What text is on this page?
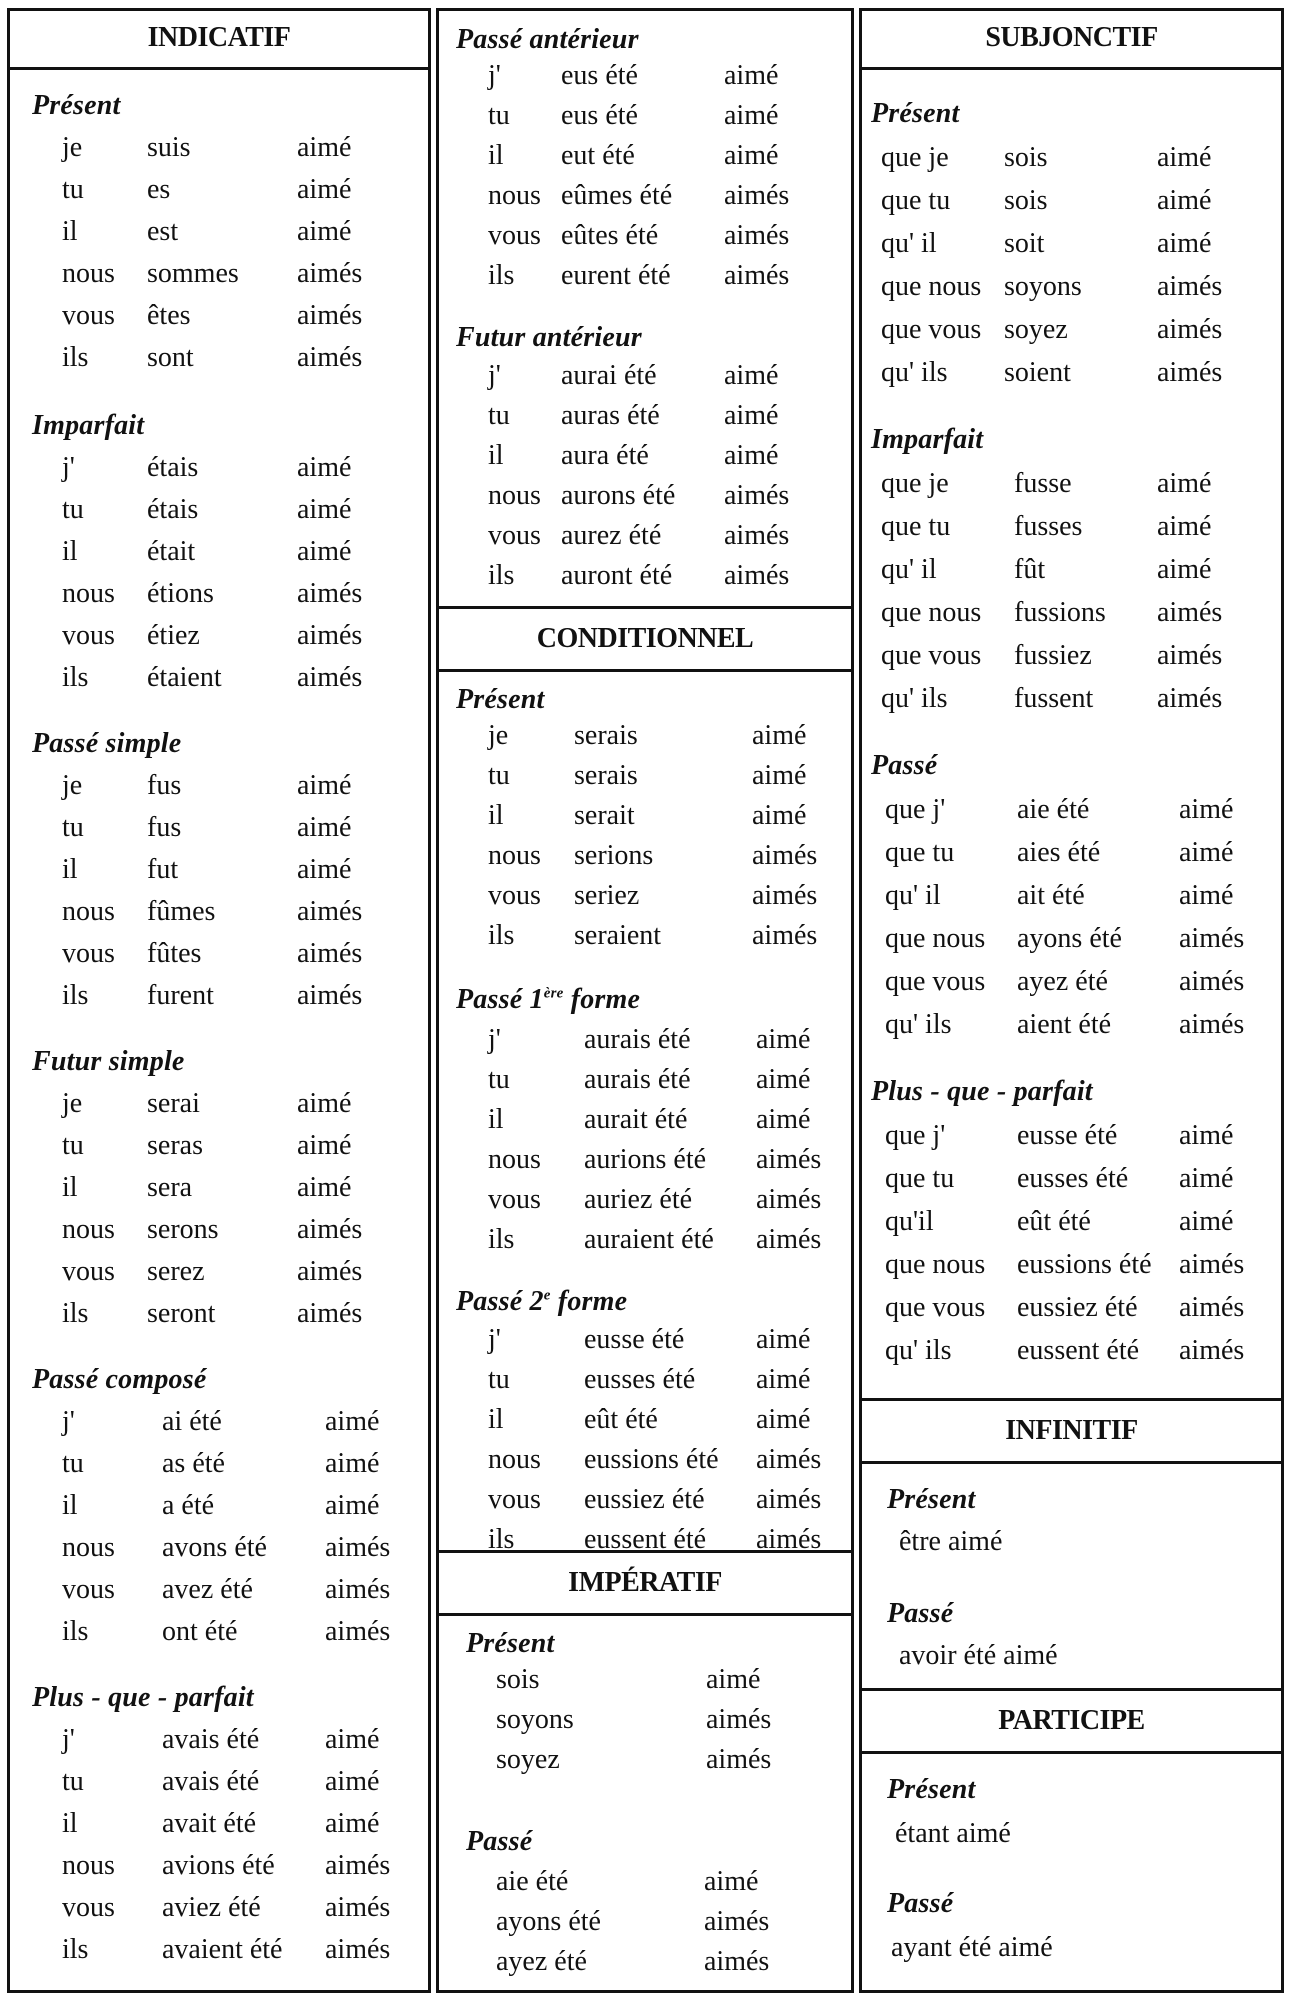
INDICATIF
Présent
je suis	aimé
tu es	aimé
il est	aimé
nous sommes aimés
vous êtes	aimés
ils sont	aimés
Imparfait
j'	étais	aimé
tu étais	aimé
il était	aimé
nous étions	aimés
vous étiez	aimés
ils étaient	aimés
Passé simple
je fus	aimé
tu fus	aimé
il fut	aimé
nous fûmes	aimés
vous fûtes	aimés
ils furent	aimés
Futur simple
je serai	aimé
tu seras	aimé
il sera	aimé
nous serons	aimés
vous serez	aimés
ils seront	aimés
Passé composé
j'	ai été	aimé
tu	as été	aimé
il	a été	aimé
nous avons été aimés
vous avez été	aimés
ils	ont été	aimés
Plus - que - parfait
j'	avais été aimé
tu	avais été aimé
il	avait été aimé
nous avions été aimés
vous aviez été aimés
ils	avaient été aimés
CONDITIONNEL
IMPÉRATIF
Passé antérieur
j' eus été	aimé
tu eus été	aimé
il eut été	aimé
nous eûmes été aimés
vous eûtes été aimés
ils eurent été aimés
Futur antérieur
j' aurai été aimé
tu auras été aimé
il aura été	aimé
nous aurons été aimés
vous aurez été aimés
ils auront été aimés
Présent
je serais	aimé
tu serais	aimé
il	serait	aimé
nous serions	aimés
vous seriez	aimés
ils seraient	aimés
Passé 1ère forme
j'	aurais été aimé
tu	aurais été aimé
il	aurait été aimé
nous aurions été aimés
vous auriez été aimés
ils auraient été aimés
Passé 2e forme
j'	eusse été	aimé
tu	eusses été aimé
il	eût été	aimé
nous eussions été aimés
vous eussiez été aimés
ils eussent été aimés
Présent
sois	aimé
soyons	aimés
soyez	aimés
Passé
aie été	aimé
ayons été	aimés
ayez été	aimés
SUBJONCTIF
INFINITIF
PARTICIPE
Présent
que je sois	aimé
que tu sois	aimé
qu' il soit	aimé
que nous soyons	aimés
que vous soyez	aimés
qu' ils soient	aimés
Imparfait
que je fusse	aimé
que tu fusses	aimé
qu' il	fût	aimé
que nous fussions aimés
que vous fussiez aimés
qu' ils fussent aimés
Passé
que j'	aie été	aimé
que tu aies été	aimé
qu' il	ait été	aimé
que nous ayons été aimés
que vous ayez été	aimés
qu' ils aient été aimés
Plus - que - parfait
que j'	eusse été aimé
que tu eusses été aimé
qu'il	eût été	aimé
que nous eussions été aimés
que vous eussiez été aimés
qu' ils eussent été aimés
Présent
être aimé
Passé
avoir été aimé
Présent
étant aimé
Passé
ayant été aimé
